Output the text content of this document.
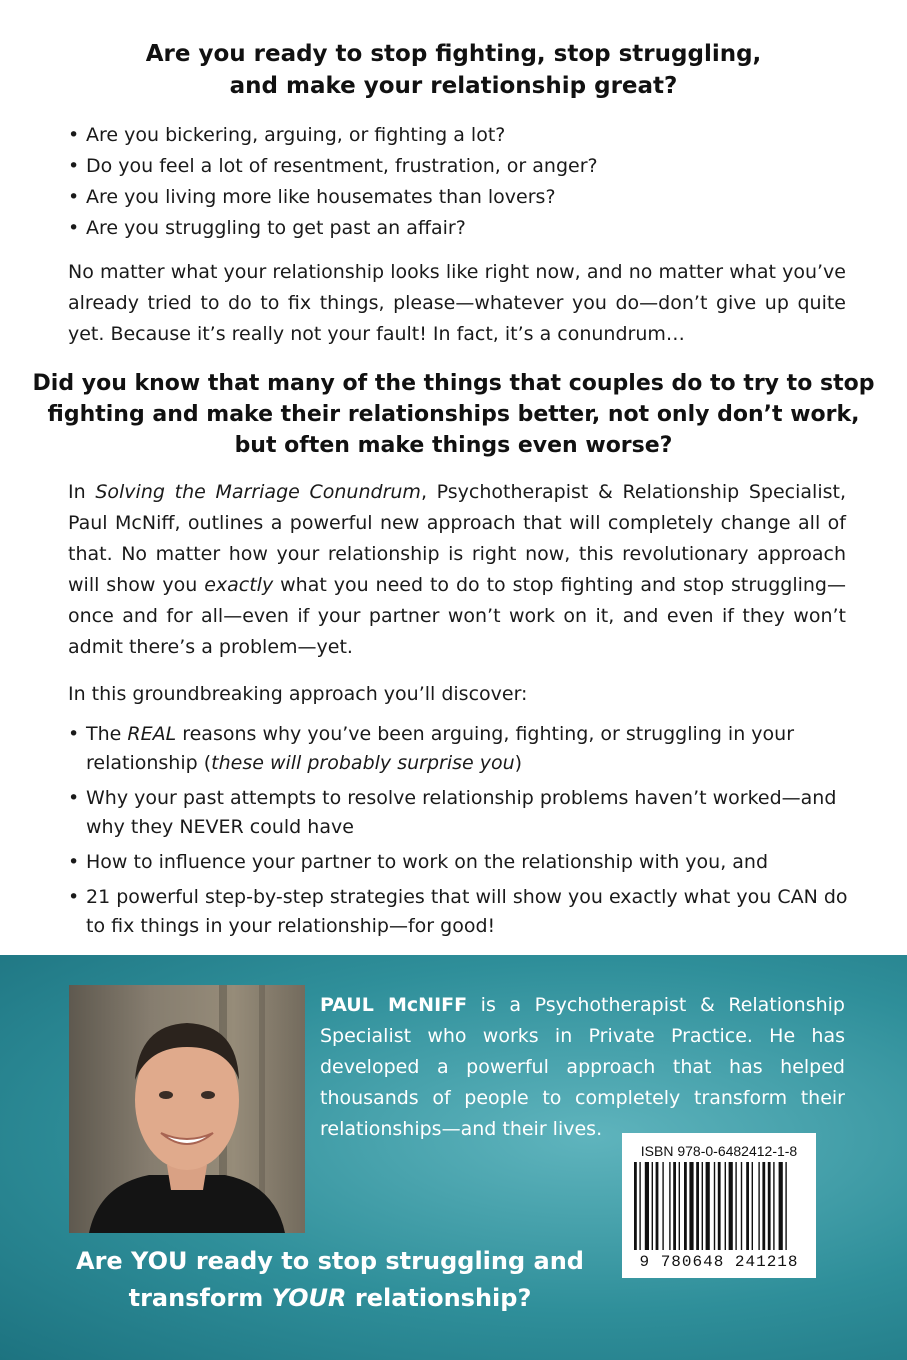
Are you ready to stop fighting, stop struggling,
and make your relationship great?
• Are you bickering, arguing, or fighting a lot?
• Do you feel a lot of resentment, frustration, or anger?
• Are you living more like housemates than lovers?
• Are you struggling to get past an affair?

No matter what your relationship looks like right now, and no matter what you’ve already tried to do to fix things, please—whatever you do—don’t give up quite yet. Because it’s really not your fault! In fact, it’s a conundrum…

Did you know that many of the things that couples do to try to stop
fighting and make their relationships better, not only don’t work,
but often make things even worse?

In Solving the Marriage Conundrum, Psychotherapist & Relationship Specialist, Paul McNiff, outlines a powerful new approach that will completely change all of that. No matter how your relationship is right now, this revolutionary approach will show you exactly what you need to do to stop fighting and stop struggling—once and for all—even if your partner won’t work on it, and even if they won’t admit there’s a problem—yet.

In this groundbreaking approach you’ll discover:

• The REAL reasons why you’ve been arguing, fighting, or struggling in your relationship (these will probably surprise you)
• Why your past attempts to resolve relationship problems haven’t worked—and why they NEVER could have
• How to influence your partner to work on the relationship with you, and
• 21 powerful step-by-step strategies that will show you exactly what you CAN do to fix things in your relationship—for good!

PAUL McNIFF is a Psychotherapist & Relationship Specialist who works in Private Practice. He has developed a powerful approach that has helped thousands of people to completely transform their relationships—and their lives.

Are YOU ready to stop struggling and
transform YOUR relationship?
ISBN 978-0-6482412-1-8
9 780648 241218
